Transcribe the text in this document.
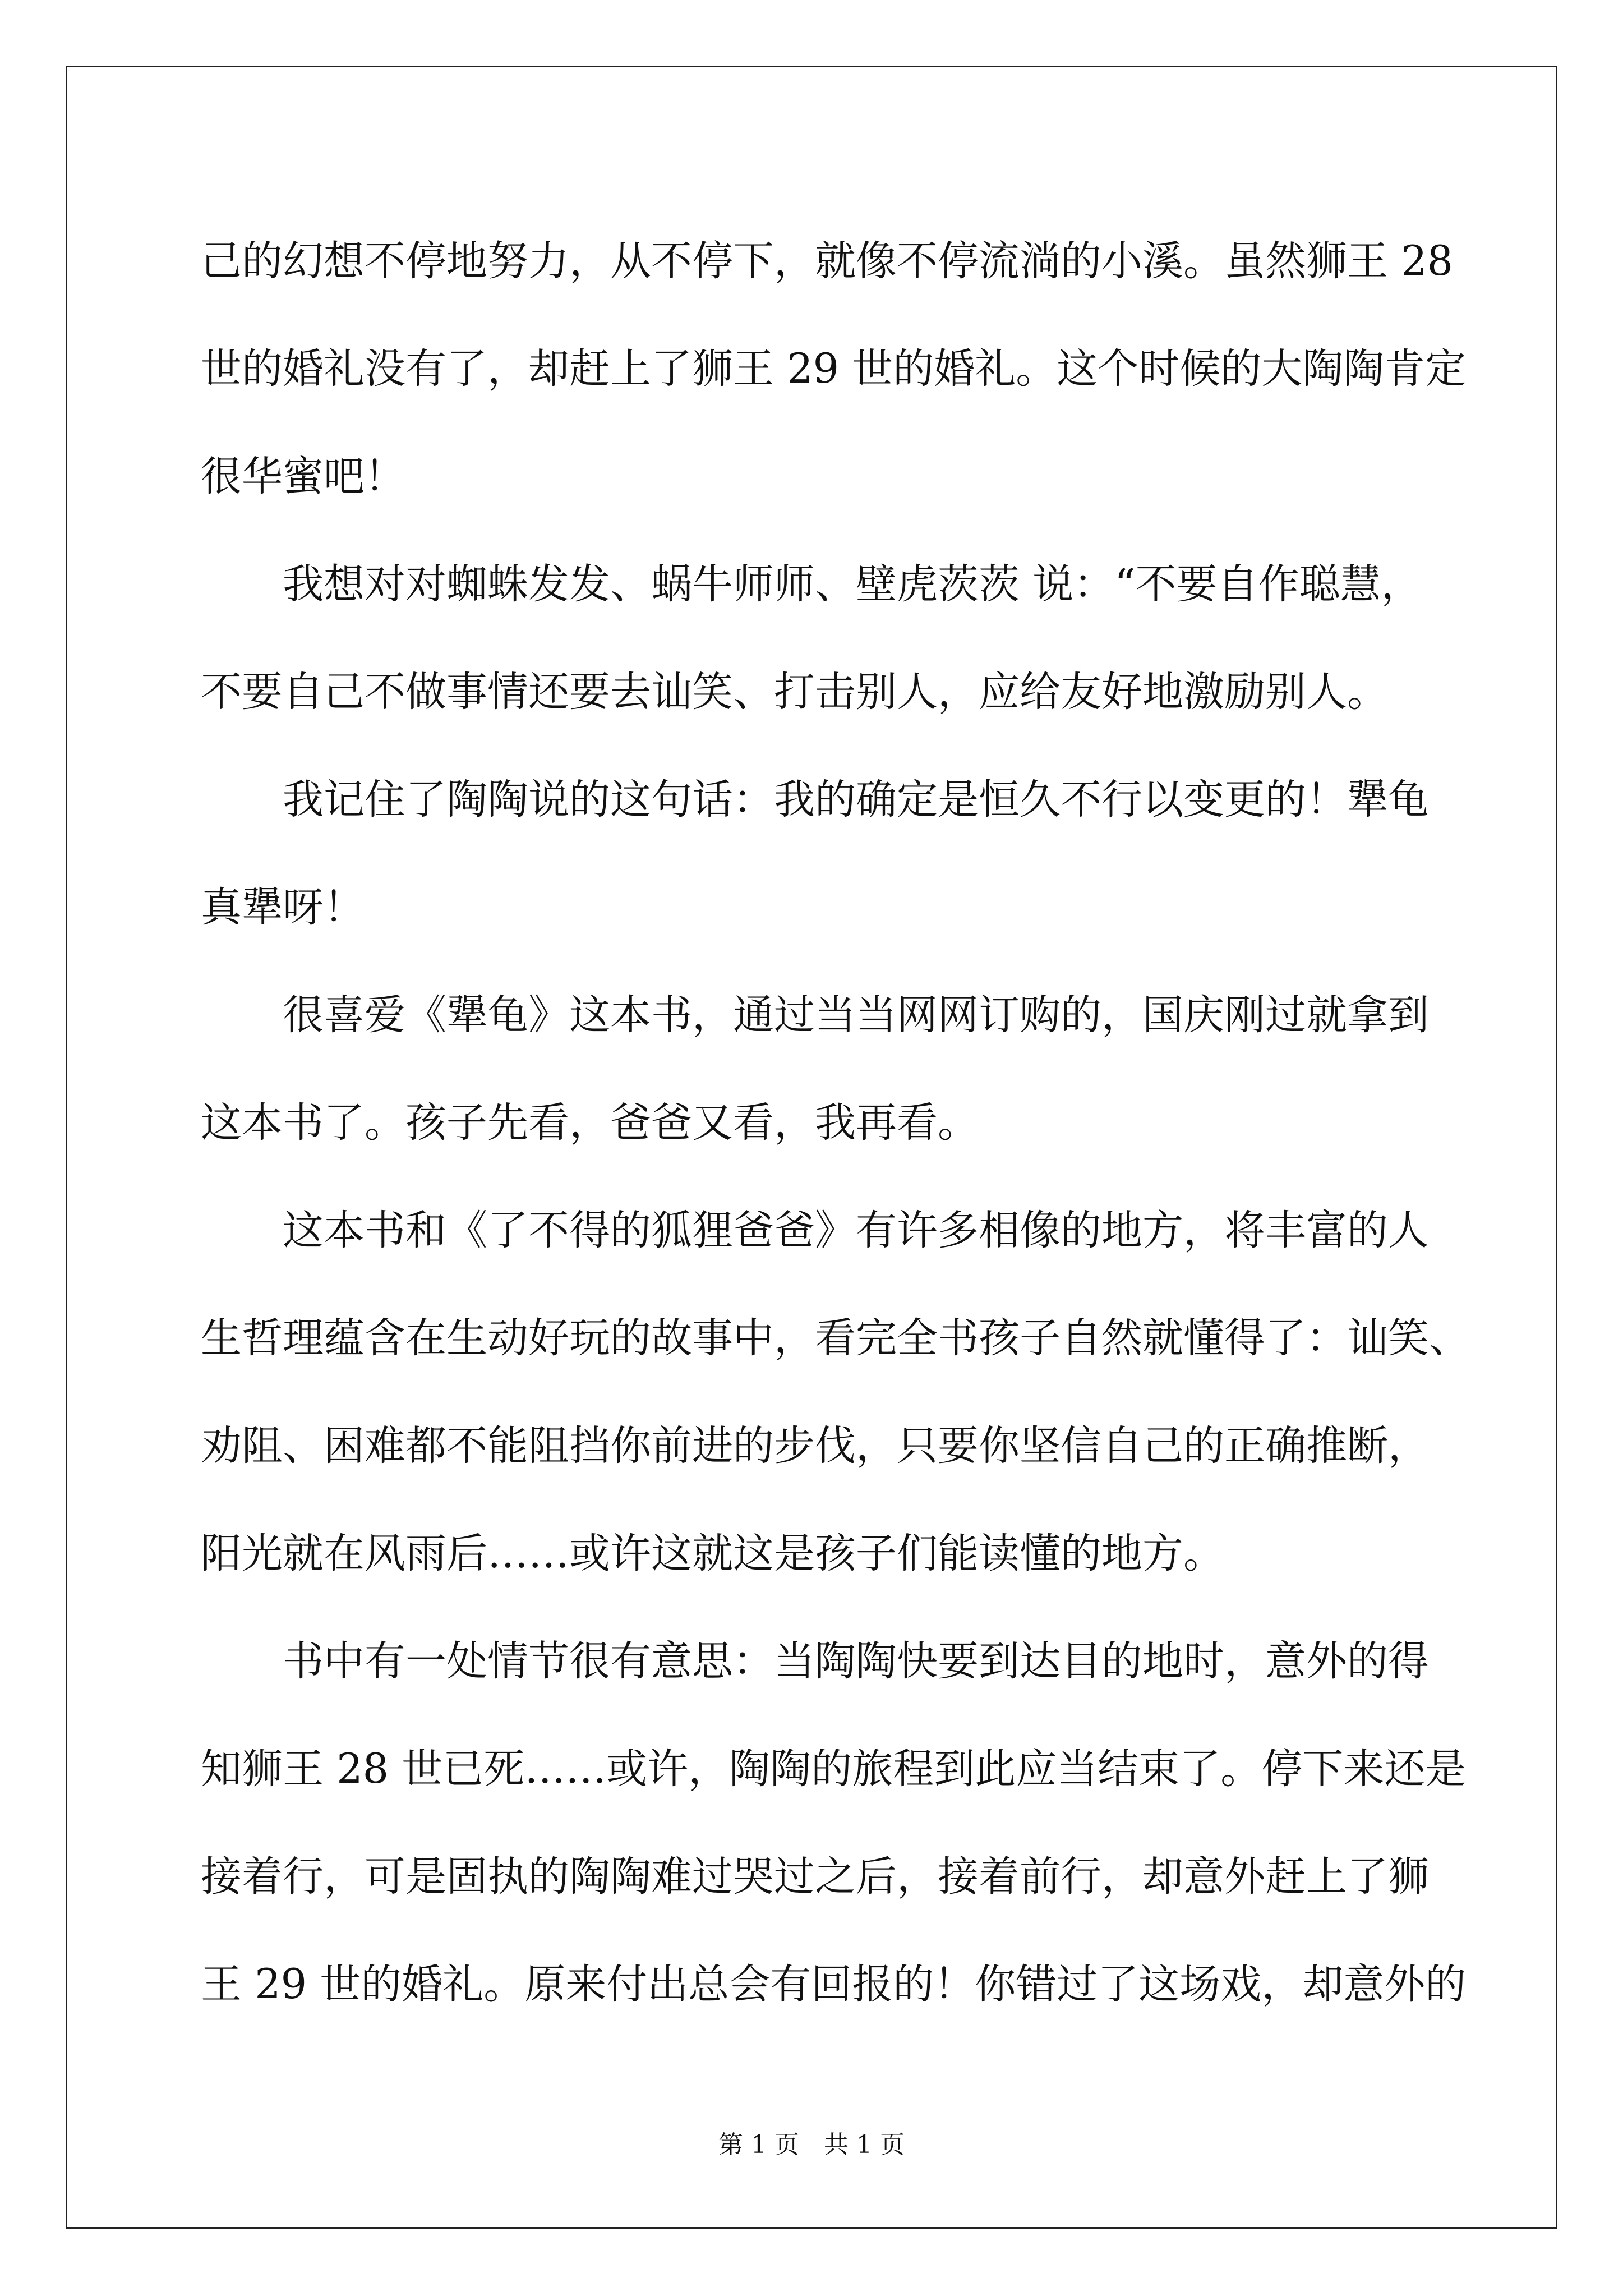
己的幻想不停地努力，从不停下，就像不停流淌的小溪。虽然狮王 28
世的婚礼没有了，却赶上了狮王 29 世的婚礼。这个时候的大陶陶肯定
很华蜜吧！
　　我想对对蜘蛛发发、蜗牛师师、壁虎茨茨 说：“不要自作聪慧，
不要自己不做事情还要去讪笑、打击别人，应给友好地激励别人。
　　我记住了陶陶说的这句话：我的确定是恒久不行以变更的！犟龟
真犟呀！
　　很喜爱《犟龟》这本书，通过当当网网订购的，国庆刚过就拿到
这本书了。孩子先看，爸爸又看，我再看。
　　这本书和《了不得的狐狸爸爸》有许多相像的地方，将丰富的人
生哲理蕴含在生动好玩的故事中，看完全书孩子自然就懂得了：讪笑、
劝阻、困难都不能阻挡你前进的步伐，只要你坚信自己的正确推断，
阳光就在风雨后……或许这就这是孩子们能读懂的地方。
　　书中有一处情节很有意思：当陶陶快要到达目的地时，意外的得
知狮王 28 世已死……或许，陶陶的旅程到此应当结束了。停下来还是
接着行，可是固执的陶陶难过哭过之后，接着前行，却意外赶上了狮
王 29 世的婚礼。原来付出总会有回报的！你错过了这场戏，却意外的
第 1 页　共 1 页
